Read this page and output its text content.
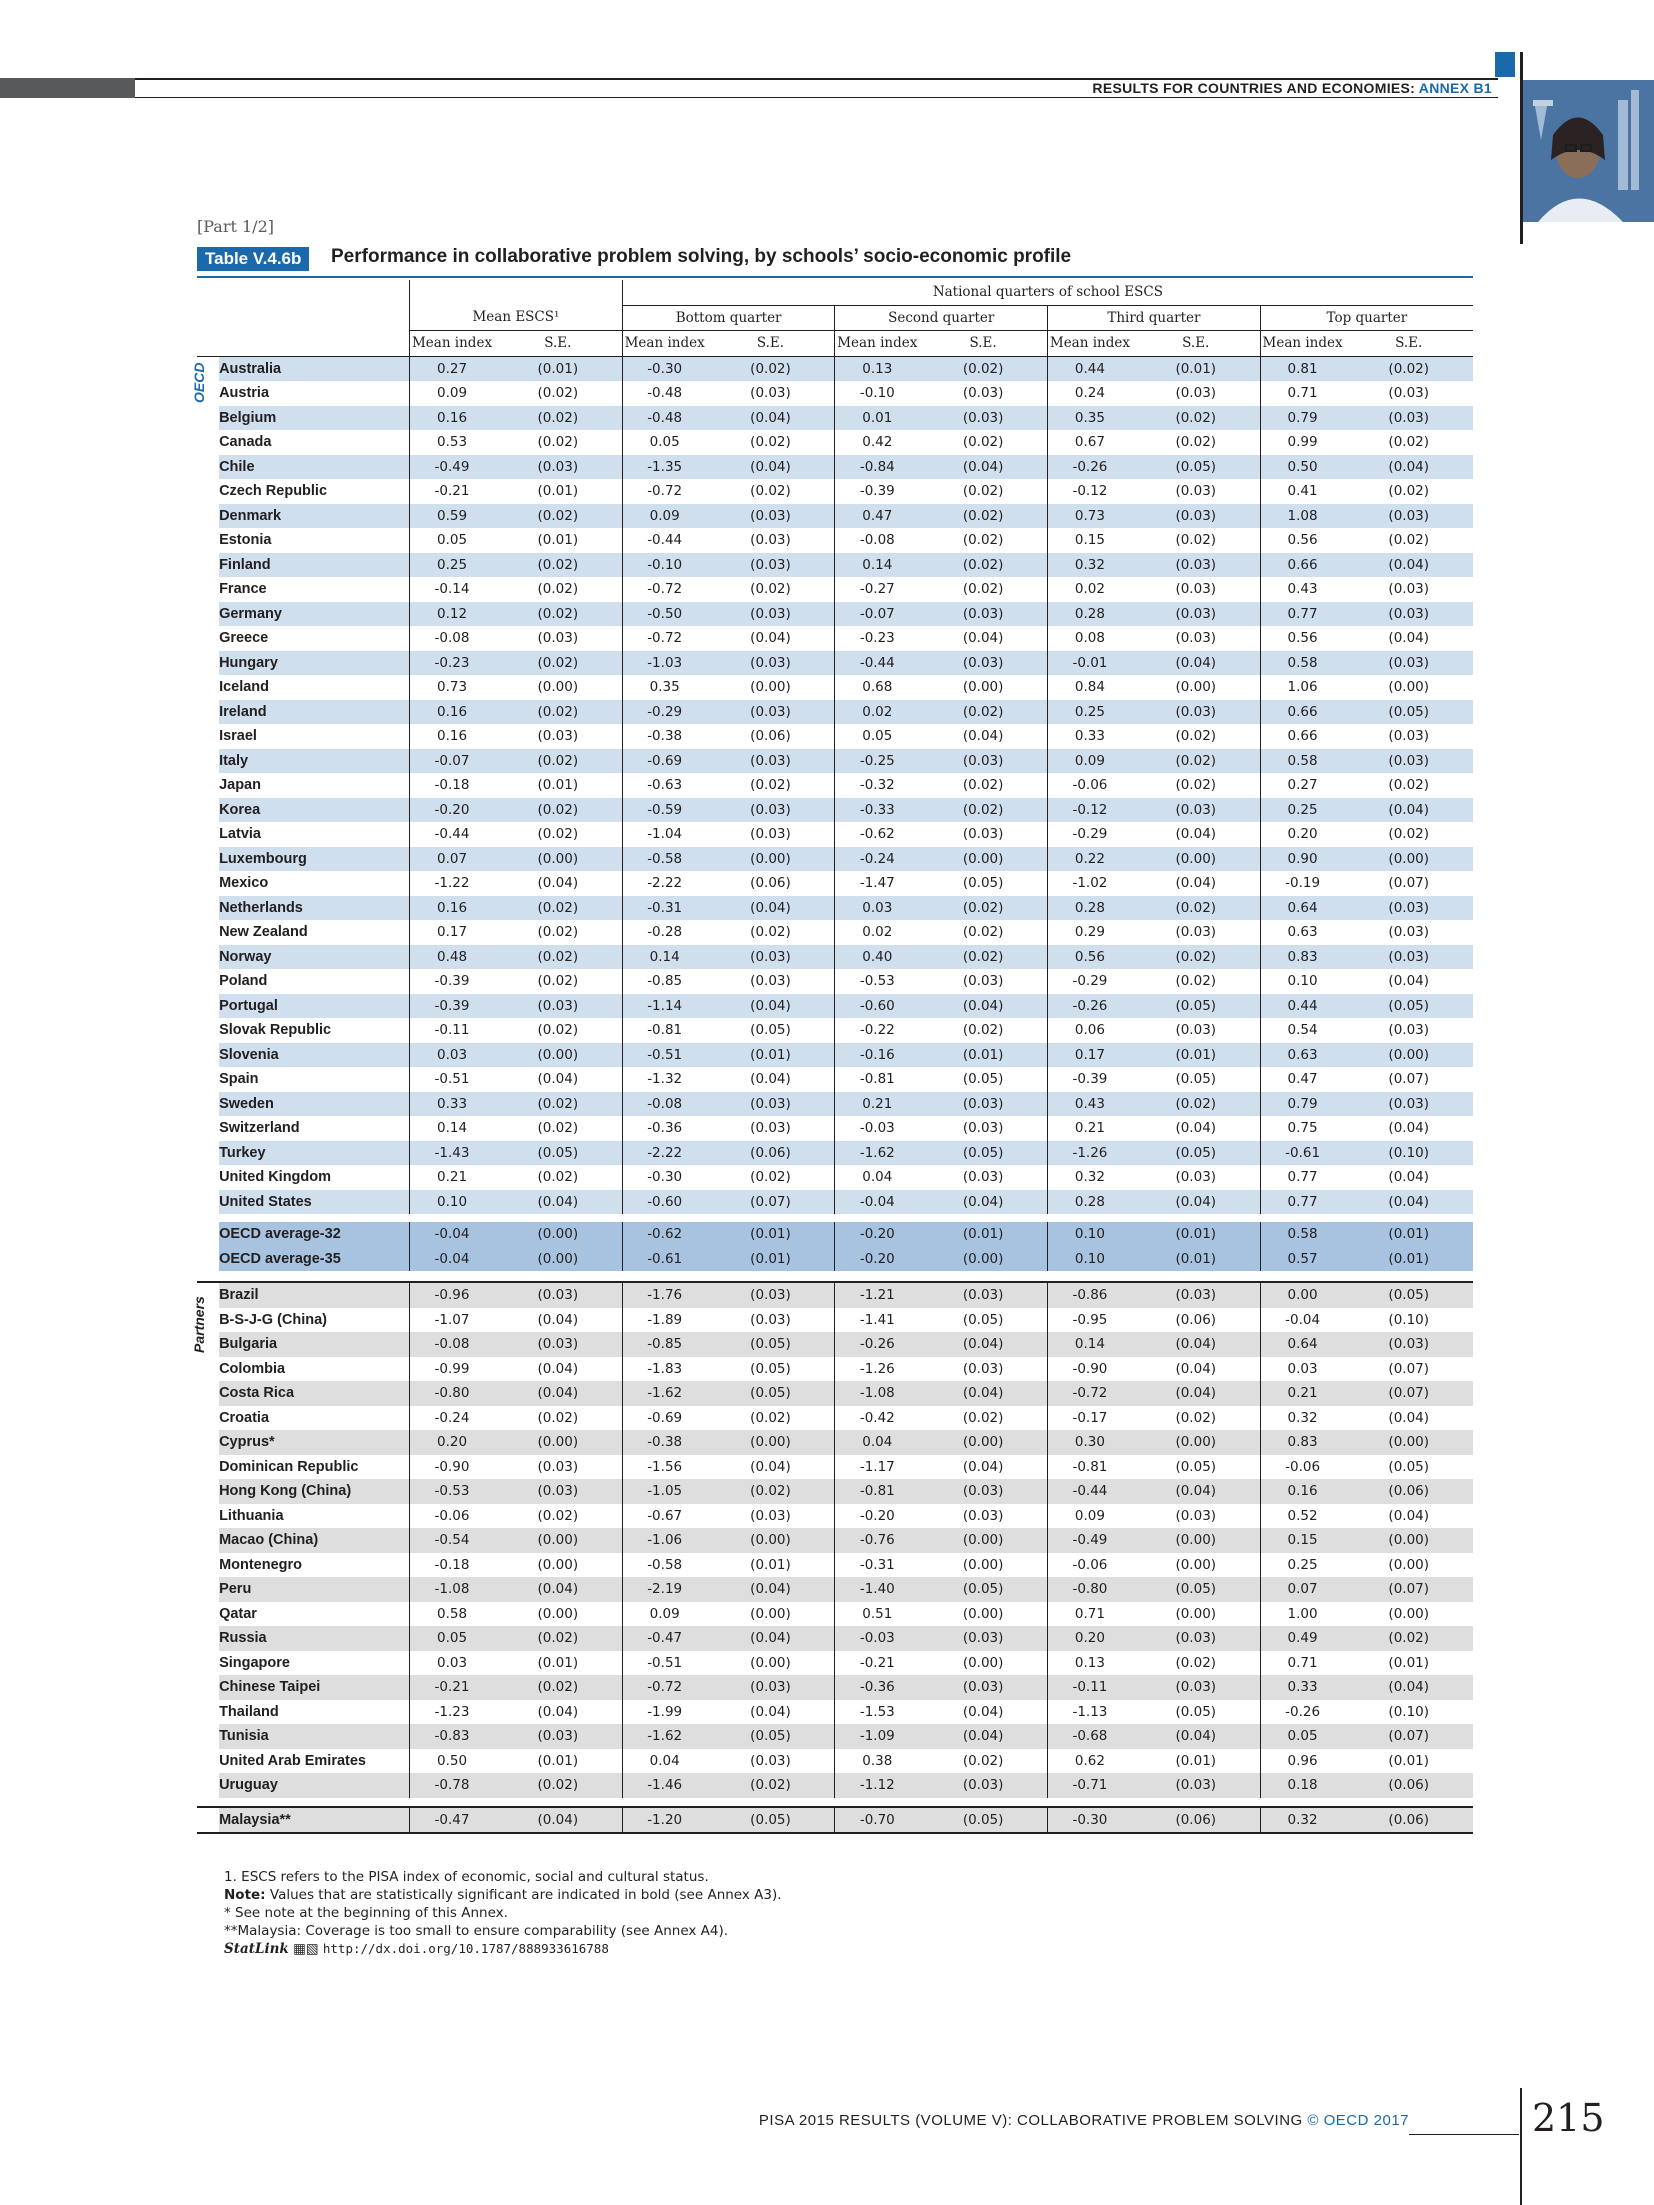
RESULTS FOR COUNTRIES AND ECONOMIES: ANNEX B1
[Part 1/2]
Table V.4.6b	Performance in collaborative problem solving, by schools’ socio-economic profile
				National quarters of school ESCS							
		Mean ESCS¹		Bottom quarter		Second quarter		Third quarter		Top quarter	
		Mean index	S.E.	Mean index	S.E.	Mean index	S.E.	Mean index	S.E.	Mean index	S.E.

OECD	Australia	0.27	(0.01)	-0.30	(0.02)	0.13	(0.02)	0.44	(0.01)	0.81	(0.02)
	Austria	0.09	(0.02)	-0.48	(0.03)	-0.10	(0.03)	0.24	(0.03)	0.71	(0.03)
	Belgium	0.16	(0.02)	-0.48	(0.04)	0.01	(0.03)	0.35	(0.02)	0.79	(0.03)
	Canada	0.53	(0.02)	0.05	(0.02)	0.42	(0.02)	0.67	(0.02)	0.99	(0.02)
	Chile	-0.49	(0.03)	-1.35	(0.04)	-0.84	(0.04)	-0.26	(0.05)	0.50	(0.04)
	Czech Republic	-0.21	(0.01)	-0.72	(0.02)	-0.39	(0.02)	-0.12	(0.03)	0.41	(0.02)
	Denmark	0.59	(0.02)	0.09	(0.03)	0.47	(0.02)	0.73	(0.03)	1.08	(0.03)
	Estonia	0.05	(0.01)	-0.44	(0.03)	-0.08	(0.02)	0.15	(0.02)	0.56	(0.02)
	Finland	0.25	(0.02)	-0.10	(0.03)	0.14	(0.02)	0.32	(0.03)	0.66	(0.04)
	France	-0.14	(0.02)	-0.72	(0.02)	-0.27	(0.02)	0.02	(0.03)	0.43	(0.03)
	Germany	0.12	(0.02)	-0.50	(0.03)	-0.07	(0.03)	0.28	(0.03)	0.77	(0.03)
	Greece	-0.08	(0.03)	-0.72	(0.04)	-0.23	(0.04)	0.08	(0.03)	0.56	(0.04)
	Hungary	-0.23	(0.02)	-1.03	(0.03)	-0.44	(0.03)	-0.01	(0.04)	0.58	(0.03)
	Iceland	0.73	(0.00)	0.35	(0.00)	0.68	(0.00)	0.84	(0.00)	1.06	(0.00)
	Ireland	0.16	(0.02)	-0.29	(0.03)	0.02	(0.02)	0.25	(0.03)	0.66	(0.05)
	Israel	0.16	(0.03)	-0.38	(0.06)	0.05	(0.04)	0.33	(0.02)	0.66	(0.03)
	Italy	-0.07	(0.02)	-0.69	(0.03)	-0.25	(0.03)	0.09	(0.02)	0.58	(0.03)
	Japan	-0.18	(0.01)	-0.63	(0.02)	-0.32	(0.02)	-0.06	(0.02)	0.27	(0.02)
	Korea	-0.20	(0.02)	-0.59	(0.03)	-0.33	(0.02)	-0.12	(0.03)	0.25	(0.04)
	Latvia	-0.44	(0.02)	-1.04	(0.03)	-0.62	(0.03)	-0.29	(0.04)	0.20	(0.02)
	Luxembourg	0.07	(0.00)	-0.58	(0.00)	-0.24	(0.00)	0.22	(0.00)	0.90	(0.00)
	Mexico	-1.22	(0.04)	-2.22	(0.06)	-1.47	(0.05)	-1.02	(0.04)	-0.19	(0.07)
	Netherlands	0.16	(0.02)	-0.31	(0.04)	0.03	(0.02)	0.28	(0.02)	0.64	(0.03)
	New Zealand	0.17	(0.02)	-0.28	(0.02)	0.02	(0.02)	0.29	(0.03)	0.63	(0.03)
	Norway	0.48	(0.02)	0.14	(0.03)	0.40	(0.02)	0.56	(0.02)	0.83	(0.03)
	Poland	-0.39	(0.02)	-0.85	(0.03)	-0.53	(0.03)	-0.29	(0.02)	0.10	(0.04)
	Portugal	-0.39	(0.03)	-1.14	(0.04)	-0.60	(0.04)	-0.26	(0.05)	0.44	(0.05)
	Slovak Republic	-0.11	(0.02)	-0.81	(0.05)	-0.22	(0.02)	0.06	(0.03)	0.54	(0.03)
	Slovenia	0.03	(0.00)	-0.51	(0.01)	-0.16	(0.01)	0.17	(0.01)	0.63	(0.00)
	Spain	-0.51	(0.04)	-1.32	(0.04)	-0.81	(0.05)	-0.39	(0.05)	0.47	(0.07)
	Sweden	0.33	(0.02)	-0.08	(0.03)	0.21	(0.03)	0.43	(0.02)	0.79	(0.03)
	Switzerland	0.14	(0.02)	-0.36	(0.03)	-0.03	(0.03)	0.21	(0.04)	0.75	(0.04)
	Turkey	-1.43	(0.05)	-2.22	(0.06)	-1.62	(0.05)	-1.26	(0.05)	-0.61	(0.10)
	United Kingdom	0.21	(0.02)	-0.30	(0.02)	0.04	(0.03)	0.32	(0.03)	0.77	(0.04)
	United States	0.10	(0.04)	-0.60	(0.07)	-0.04	(0.04)	0.28	(0.04)	0.77	(0.04)

	OECD average-32	-0.04	(0.00)	-0.62	(0.01)	-0.20	(0.01)	0.10	(0.01)	0.58	(0.01)
	OECD average-35	-0.04	(0.00)	-0.61	(0.01)	-0.20	(0.00)	0.10	(0.01)	0.57	(0.01)

Partners	Brazil	-0.96	(0.03)	-1.76	(0.03)	-1.21	(0.03)	-0.86	(0.03)	0.00	(0.05)
	B-S-J-G (China)	-1.07	(0.04)	-1.89	(0.03)	-1.41	(0.05)	-0.95	(0.06)	-0.04	(0.10)
	Bulgaria	-0.08	(0.03)	-0.85	(0.05)	-0.26	(0.04)	0.14	(0.04)	0.64	(0.03)
	Colombia	-0.99	(0.04)	-1.83	(0.05)	-1.26	(0.03)	-0.90	(0.04)	0.03	(0.07)
	Costa Rica	-0.80	(0.04)	-1.62	(0.05)	-1.08	(0.04)	-0.72	(0.04)	0.21	(0.07)
	Croatia	-0.24	(0.02)	-0.69	(0.02)	-0.42	(0.02)	-0.17	(0.02)	0.32	(0.04)
	Cyprus*	0.20	(0.00)	-0.38	(0.00)	0.04	(0.00)	0.30	(0.00)	0.83	(0.00)
	Dominican Republic	-0.90	(0.03)	-1.56	(0.04)	-1.17	(0.04)	-0.81	(0.05)	-0.06	(0.05)
	Hong Kong (China)	-0.53	(0.03)	-1.05	(0.02)	-0.81	(0.03)	-0.44	(0.04)	0.16	(0.06)
	Lithuania	-0.06	(0.02)	-0.67	(0.03)	-0.20	(0.03)	0.09	(0.03)	0.52	(0.04)
	Macao (China)	-0.54	(0.00)	-1.06	(0.00)	-0.76	(0.00)	-0.49	(0.00)	0.15	(0.00)
	Montenegro	-0.18	(0.00)	-0.58	(0.01)	-0.31	(0.00)	-0.06	(0.00)	0.25	(0.00)
	Peru	-1.08	(0.04)	-2.19	(0.04)	-1.40	(0.05)	-0.80	(0.05)	0.07	(0.07)
	Qatar	0.58	(0.00)	0.09	(0.00)	0.51	(0.00)	0.71	(0.00)	1.00	(0.00)
	Russia	0.05	(0.02)	-0.47	(0.04)	-0.03	(0.03)	0.20	(0.03)	0.49	(0.02)
	Singapore	0.03	(0.01)	-0.51	(0.00)	-0.21	(0.00)	0.13	(0.02)	0.71	(0.01)
	Chinese Taipei	-0.21	(0.02)	-0.72	(0.03)	-0.36	(0.03)	-0.11	(0.03)	0.33	(0.04)
	Thailand	-1.23	(0.04)	-1.99	(0.04)	-1.53	(0.04)	-1.13	(0.05)	-0.26	(0.10)
	Tunisia	-0.83	(0.03)	-1.62	(0.05)	-1.09	(0.04)	-0.68	(0.04)	0.05	(0.07)
	United Arab Emirates	0.50	(0.01)	0.04	(0.03)	0.38	(0.02)	0.62	(0.01)	0.96	(0.01)
	Uruguay	-0.78	(0.02)	-1.46	(0.02)	-1.12	(0.03)	-0.71	(0.03)	0.18	(0.06)

	Malaysia**	-0.47	(0.04)	-1.20	(0.05)	-0.70	(0.05)	-0.30	(0.06)	0.32	(0.06)
1. ESCS refers to the PISA index of economic, social and cultural status.
Note: Values that are statistically significant are indicated in bold (see Annex A3).
* See note at the beginning of this Annex.
**Malaysia: Coverage is too small to ensure comparability (see Annex A4).
StatLink ▦▧ http://dx.doi.org/10.1787/888933616788
PISA 2015 RESULTS (VOLUME V): COLLABORATIVE PROBLEM SOLVING © OECD 2017	215
